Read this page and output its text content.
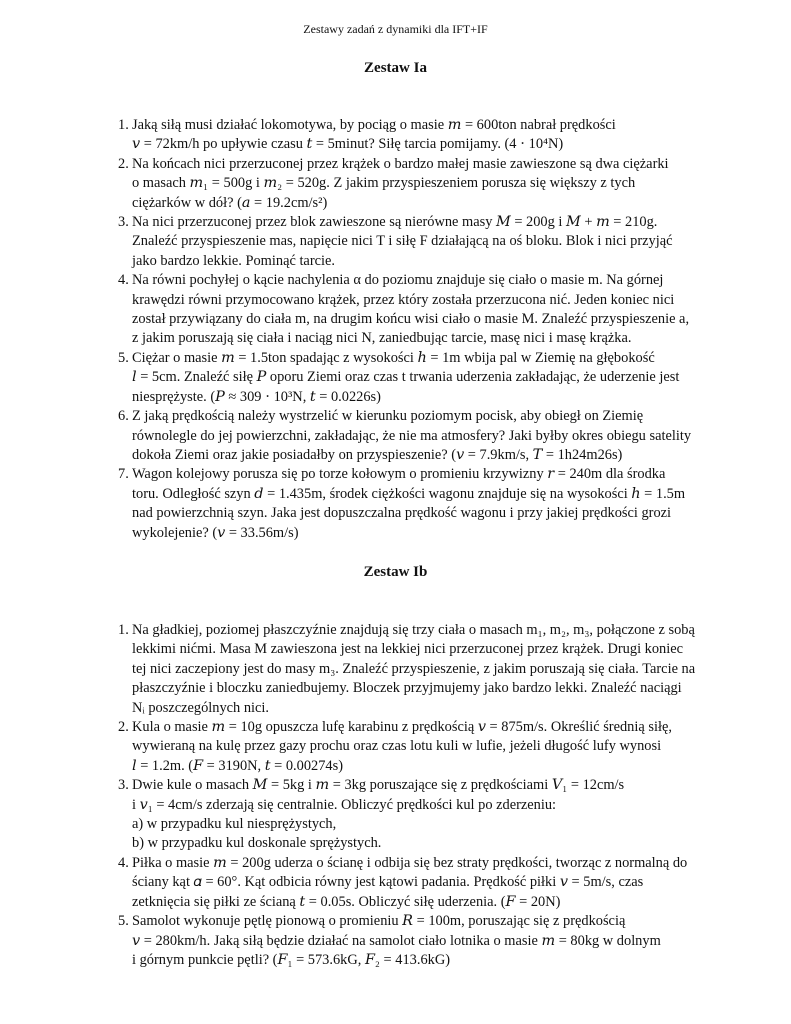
Zestawy zadań z dynamiki dla IFT+IF
Zestaw Ia
1. Jaką siłą musi działać lokomotywa, by pociąg o masie 𝑚 = 600ton nabrał prędkości
𝑣 = 72km/h po upływie czasu 𝑡 = 5minut? Siłę tarcia pomijamy. (4 ⋅ 10⁴N)
2. Na końcach nici przerzuconej przez krążek o bardzo małej masie zawieszone są dwa ciężarki
o masach 𝑚₁ = 500g i 𝑚₂ = 520g. Z jakim przyspieszeniem porusza się większy z tych
ciężarków w dół? (𝑎 = 19.2cm/s²)
3. Na nici przerzuconej przez blok zawieszone są nierówne masy 𝑀 = 200g i 𝑀 + 𝑚 = 210g.
Znaleźć przyspieszenie mas, napięcie nici T i siłę F działającą na oś bloku. Blok i nici przyjąć
jako bardzo lekkie. Pominąć tarcie.
4. Na równi pochyłej o kącie nachylenia α do poziomu znajduje się ciało o masie m. Na górnej
krawędzi równi przymocowano krążek, przez który została przerzucona nić. Jeden koniec nici
został przywiązany do ciała m, na drugim końcu wisi ciało o masie M. Znaleźć przyspieszenie a,
z jakim poruszają się ciała i naciąg nici N, zaniedbując tarcie, masę nici i masę krążka.
5. Ciężar o masie 𝑚 = 1.5ton spadając z wysokości ℎ = 1m wbija pal w Ziemię na głębokość
𝑙 = 5cm. Znaleźć siłę 𝑃 oporu Ziemi oraz czas t trwania uderzenia zakładając, że uderzenie jest
niesprężyste. (𝑃 ≈ 309 ⋅ 10³N, 𝑡 = 0.0226s)
6. Z jaką prędkością należy wystrzelić w kierunku poziomym pocisk, aby obiegł on Ziemię
równolegle do jej powierzchni, zakładając, że nie ma atmosfery? Jaki byłby okres obiegu satelity
dokoła Ziemi oraz jakie posiadałby on przyspieszenie? (𝑣 = 7.9km/s, 𝑇 = 1h24m26s)
7. Wagon kolejowy porusza się po torze kołowym o promieniu krzywizny 𝑟 = 240m dla środka
toru. Odległość szyn 𝑑 = 1.435m, środek ciężkości wagonu znajduje się na wysokości ℎ = 1.5m
nad powierzchnią szyn. Jaka jest dopuszczalna prędkość wagonu i przy jakiej prędkości grozi
wykolejenie? (𝑣 = 33.56m/s)
Zestaw Ib
1. Na gładkiej, poziomej płaszczyźnie znajdują się trzy ciała o masach m₁, m₂, m₃, połączone z sobą
lekkimi nićmi. Masa M zawieszona jest na lekkiej nici przerzuconej przez krążek. Drugi koniec
tej nici zaczepiony jest do masy m₃. Znaleźć przyspieszenie, z jakim poruszają się ciała. Tarcie na
płaszczyźnie i bloczku zaniedbujemy. Bloczek przyjmujemy jako bardzo lekki. Znaleźć naciągi
Nᵢ poszczególnych nici.
2. Kula o masie 𝑚 = 10g opuszcza lufę karabinu z prędkością 𝑣 = 875m/s. Określić średnią siłę,
wywieraną na kulę przez gazy prochu oraz czas lotu kuli w lufie, jeżeli długość lufy wynosi
𝑙 = 1.2m. (𝐹 = 3190N, 𝑡 = 0.00274s)
3. Dwie kule o masach 𝑀 = 5kg i 𝑚 = 3kg poruszające się z prędkościami 𝑉₁ = 12cm/s
i 𝑣₁ = 4cm/s zderzają się centralnie. Obliczyć prędkości kul po zderzeniu:
a) w przypadku kul niesprężystych,
b) w przypadku kul doskonale sprężystych.
4. Piłka o masie 𝑚 = 200g uderza o ścianę i odbija się bez straty prędkości, tworząc z normalną do
ściany kąt 𝛼 = 60°. Kąt odbicia równy jest kątowi padania. Prędkość piłki 𝑣 = 5m/s, czas
zetknięcia się piłki ze ścianą 𝑡 = 0.05s. Obliczyć siłę uderzenia. (𝐹 = 20N)
5. Samolot wykonuje pętlę pionową o promieniu 𝑅 = 100m, poruszając się z prędkością
𝑣 = 280km/h. Jaką siłą będzie działać na samolot ciało lotnika o masie 𝑚 = 80kg w dolnym
i górnym punkcie pętli? (𝐹₁ = 573.6kG, 𝐹₂ = 413.6kG)
